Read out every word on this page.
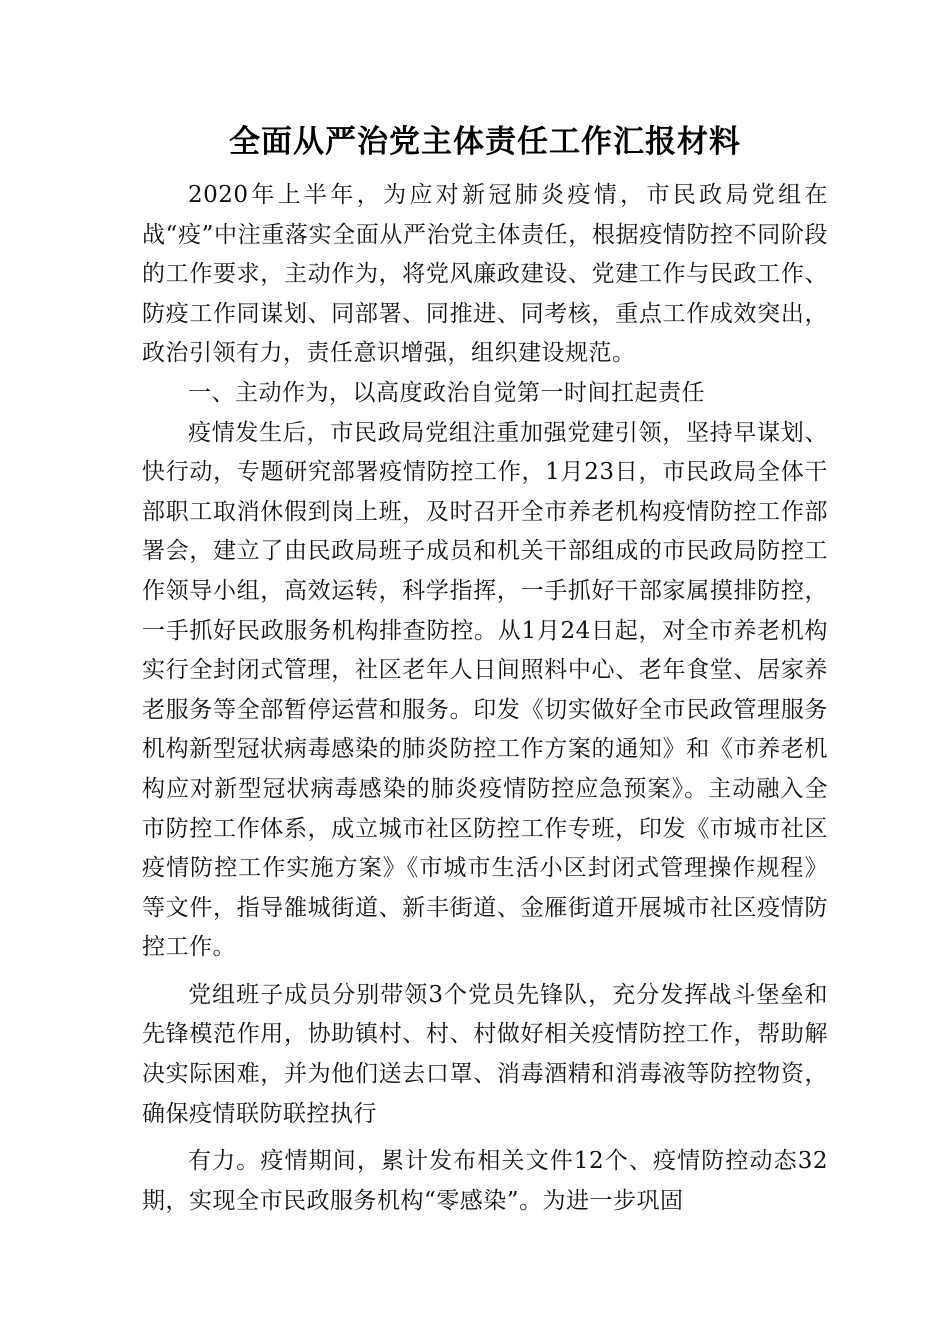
全面从严治党主体责任工作汇报材料

2020年上半年，为应对新冠肺炎疫情，市民政局党组在战“疫”中注重落实全面从严治党主体责任，根据疫情防控不同阶段的工作要求，主动作为，将党风廉政建设、党建工作与民政工作、防疫工作同谋划、同部署、同推进、同考核，重点工作成效突出，政治引领有力，责任意识增强，组织建设规范。

一、主动作为，以高度政治自觉第一时间扛起责任

疫情发生后，市民政局党组注重加强党建引领，坚持早谋划、快行动，专题研究部署疫情防控工作，1月23日，市民政局全体干部职工取消休假到岗上班，及时召开全市养老机构疫情防控工作部署会，建立了由民政局班子成员和机关干部组成的市民政局防控工作领导小组，高效运转，科学指挥，一手抓好干部家属摸排防控，一手抓好民政服务机构排查防控。从1月24日起，对全市养老机构实行全封闭式管理，社区老年人日间照料中心、老年食堂、居家养老服务等全部暂停运营和服务。印发《切实做好全市民政管理服务机构新型冠状病毒感染的肺炎防控工作方案的通知》和《市养老机构应对新型冠状病毒感染的肺炎疫情防控应急预案》。主动融入全市防控工作体系，成立城市社区防控工作专班，印发《市城市社区疫情防控工作实施方案》《市城市生活小区封闭式管理操作规程》等文件，指导雒城街道、新丰街道、金雁街道开展城市社区疫情防控工作。

党组班子成员分别带领3个党员先锋队，充分发挥战斗堡垒和先锋模范作用，协助镇村、村、村做好相关疫情防控工作，帮助解决实际困难，并为他们送去口罩、消毒酒精和消毒液等防控物资，确保疫情联防联控执行

有力。疫情期间，累计发布相关文件12个、疫情防控动态32期，实现全市民政服务机构“零感染”。为进一步巩固
